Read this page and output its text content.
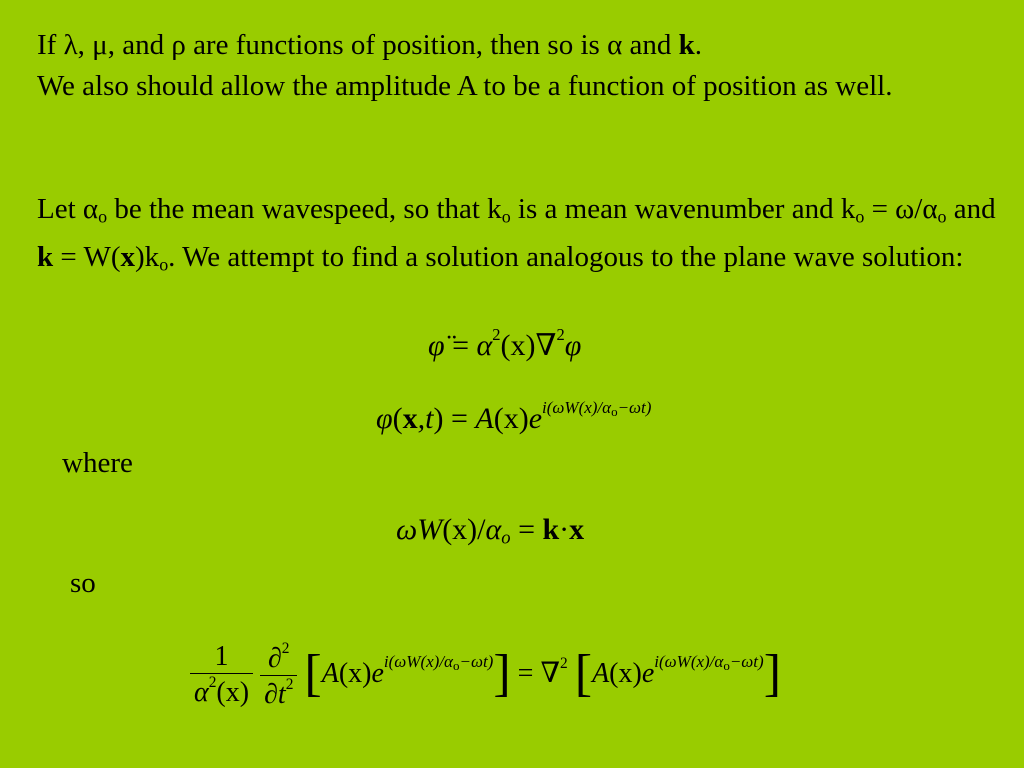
If λ, μ, and ρ are functions of position, then so is α and k.
We also should allow the amplitude A to be a function of position as well.
Let $\alpha_o$ be the mean wavespeed, so that $k_o$ is a mean wavenumber and $k_o = \omega/\alpha_o$ and $k = W(x)k_o$. We attempt to find a solution analogous to the plane wave solution:
φ̈ = $\alpha^2(x)\nabla^2\varphi$
$\varphi(x,t) = A(x)e^{i(\omega W(x)/\alpha_o-\omega t)}$
where
$\omega W(x)/\alpha_o = k\cdot x$
so
$\frac{1}{\alpha^2(x)}$
$\frac{\partial^2}{\partial t^2} [A(x)e^{i(\omega W(x)/\alpha_o-\omega t)}] = \nabla^2$ $[A(x)e^{i(\omega W(x)/\alpha_o-\omega t)}]$
